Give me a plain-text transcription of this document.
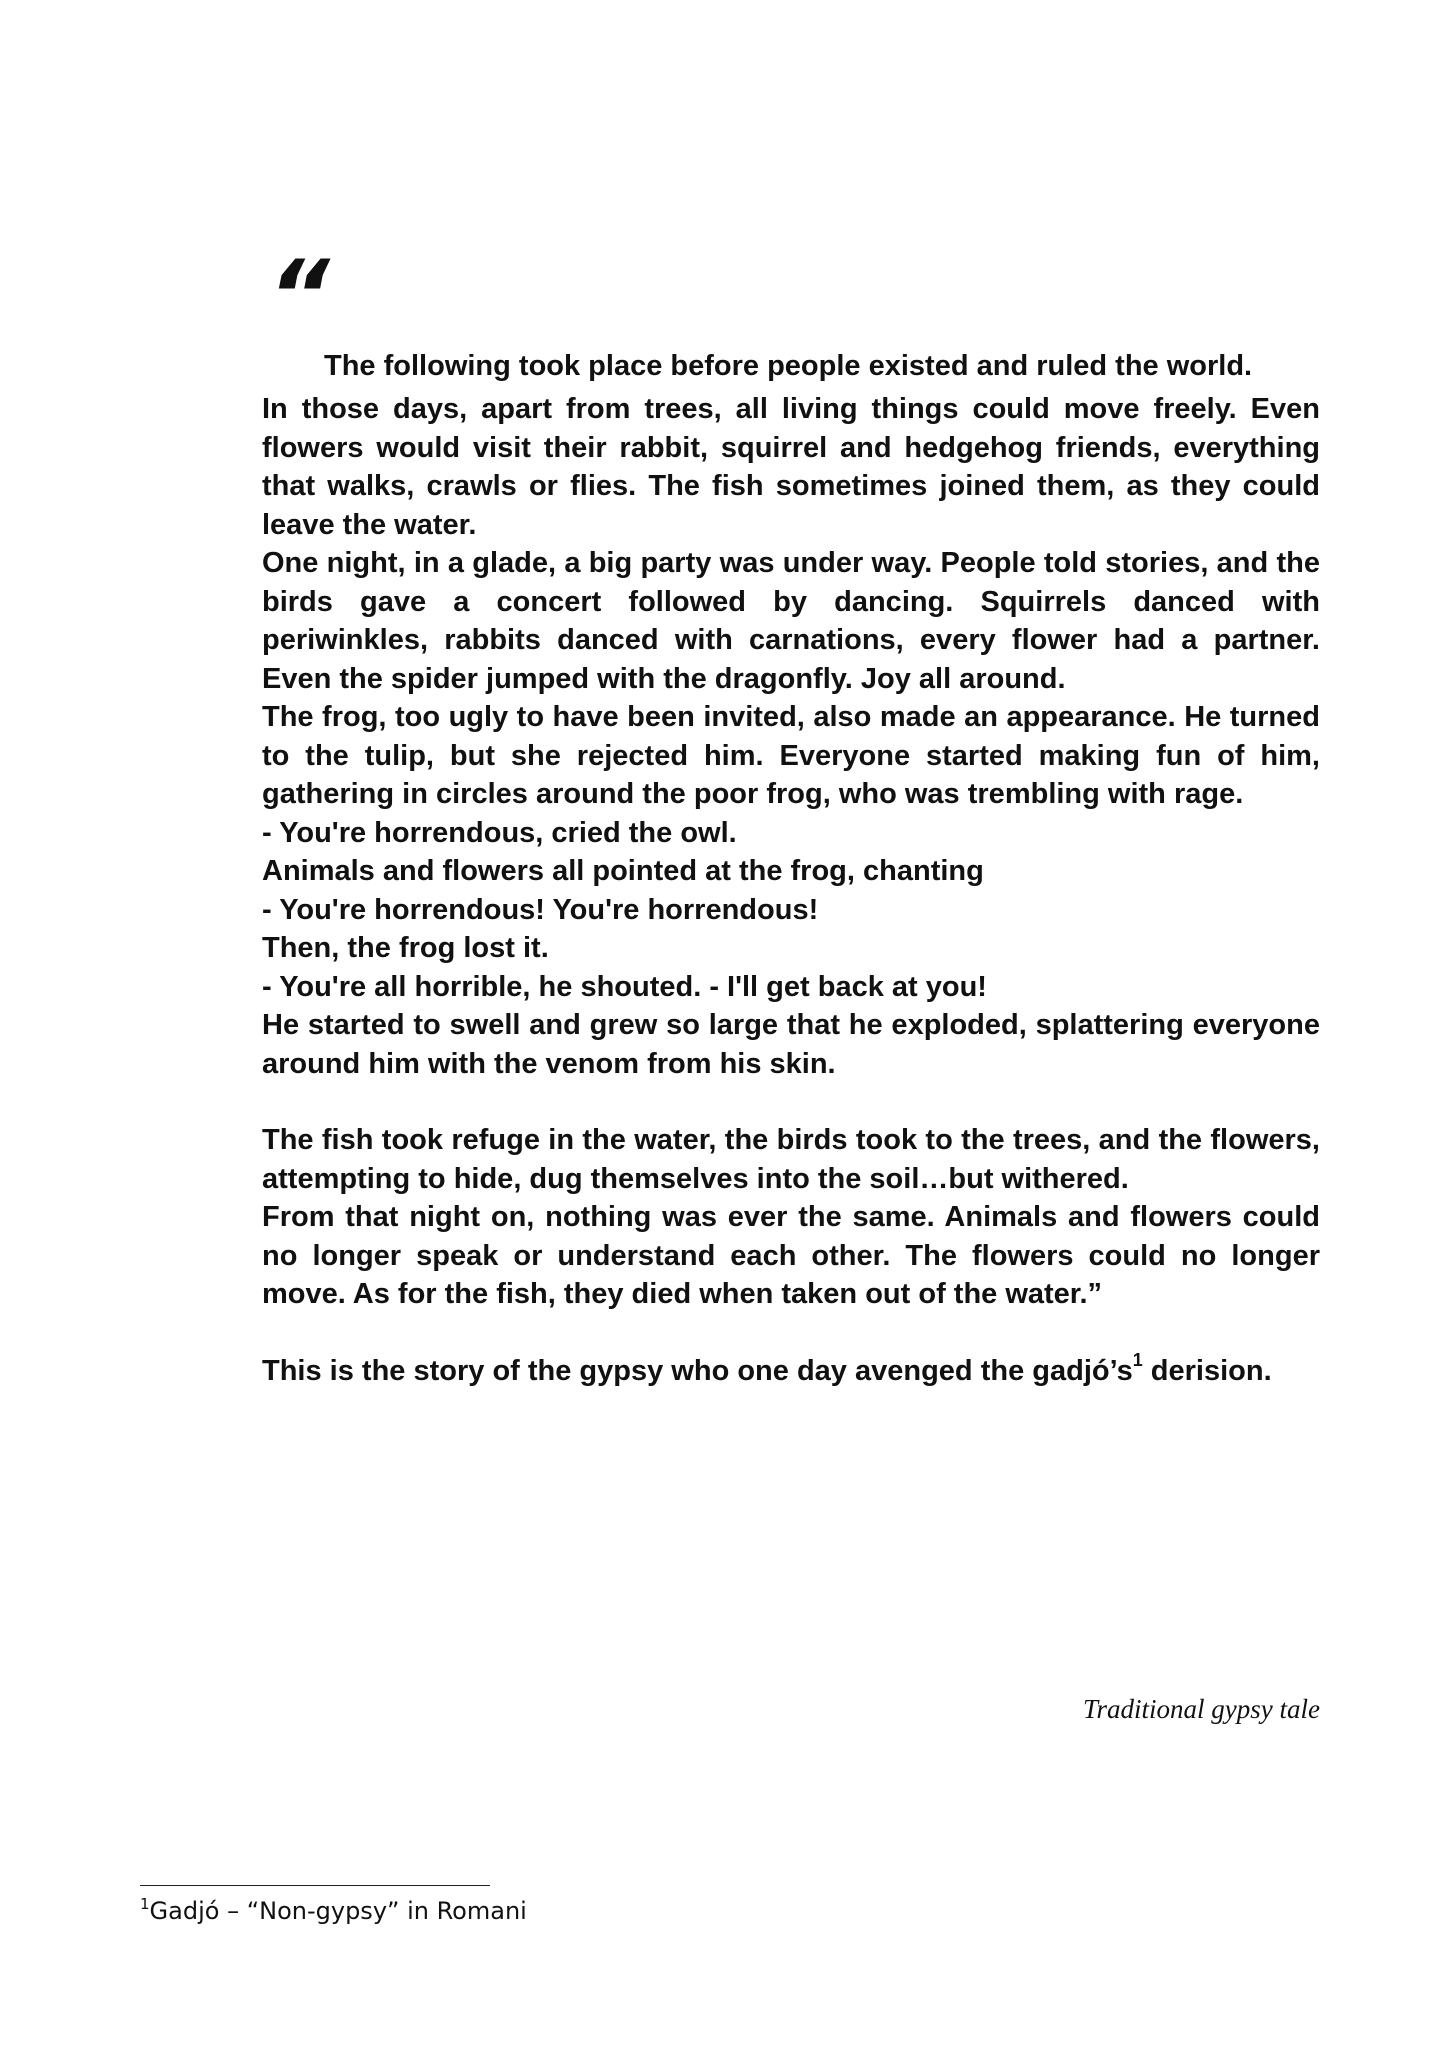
“

The following took place before people existed and ruled the world.

In those days, apart from trees, all living things could move freely. Even flowers would visit their rabbit, squirrel and hedgehog friends, everything that walks, crawls or flies. The fish sometimes joined them, as they could leave the water.

One night, in a glade, a big party was under way. People told stories, and the birds gave a concert followed by dancing. Squirrels danced with periwinkles, rabbits danced with carnations, every flower had a partner. Even the spider jumped with the dragonfly. Joy all around.

The frog, too ugly to have been invited, also made an appearance. He turned to the tulip, but she rejected him. Everyone started making fun of him, gathering in circles around the poor frog, who was trembling with rage.

- You're horrendous, cried the owl.

Animals and flowers all pointed at the frog, chanting

- You're horrendous! You're horrendous!

Then, the frog lost it.

- You're all horrible, he shouted. - I'll get back at you!

He started to swell and grew so large that he exploded, splattering everyone around him with the venom from his skin.

The fish took refuge in the water, the birds took to the trees, and the flowers, attempting to hide, dug themselves into the soil…but withered.

From that night on, nothing was ever the same. Animals and flowers could no longer speak or understand each other. The flowers could no longer move. As for the fish, they died when taken out of the water.”

This is the story of the gypsy who one day avenged the $gadjó’s^1$ derision.

Traditional gypsy tale
$^1$Gadjó – “Non-gypsy” in Romani
